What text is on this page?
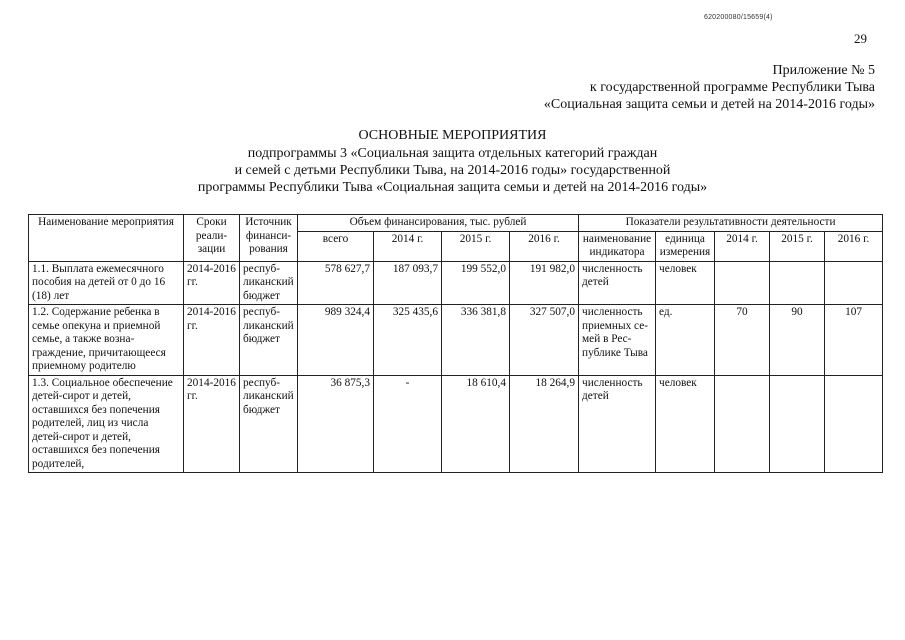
620200080/15659(4)
29
Приложение № 5
к государственной программе Республики Тыва
«Социальная защита семьи и детей на 2014-2016 годы»
ОСНОВНЫЕ МЕРОПРИЯТИЯ
подпрограммы 3 «Социальная защита отдельных категорий граждан
и семей с детьми Республики Тыва, на 2014-2016 годы» государственной
программы Республики Тыва «Социальная защита семьи и детей на 2014-2016 годы»
Наименование мероприятия	Сроки реализации	Источник финансирования	Объем финансирования, тыс. рублей				Показатели результативности деятельности				
			всего	2014 г.	2015 г.	2016 г.	наименование индикатора	единица измерения	2014 г.	2015 г.	2016 г.
1.1. Выплата ежемесячного пособия на детей от 0 до 16 (18) лет	2014-2016 гг.	республиканский бюджет	578 627,7	187 093,7	199 552,0	191 982,0	численность детей	человек			
1.2. Содержание ребенка в семье опекуна и приемной семье, а также вознаграждение, причитающееся приемному родителю	2014-2016 гг.	республиканский бюджет	989 324,4	325 435,6	336 381,8	327 507,0	численность приемных семей в Республике Тыва	ед.	70	90	107
1.3. Социальное обеспечение детей-сирот и детей, оставшихся без попечения родителей, лиц из числа детей-сирот и детей, оставшихся без попечения родителей,	2014-2016 гг.	республиканский бюджет	36 875,3	-	18 610,4	18 264,9	численность детей	человек			
